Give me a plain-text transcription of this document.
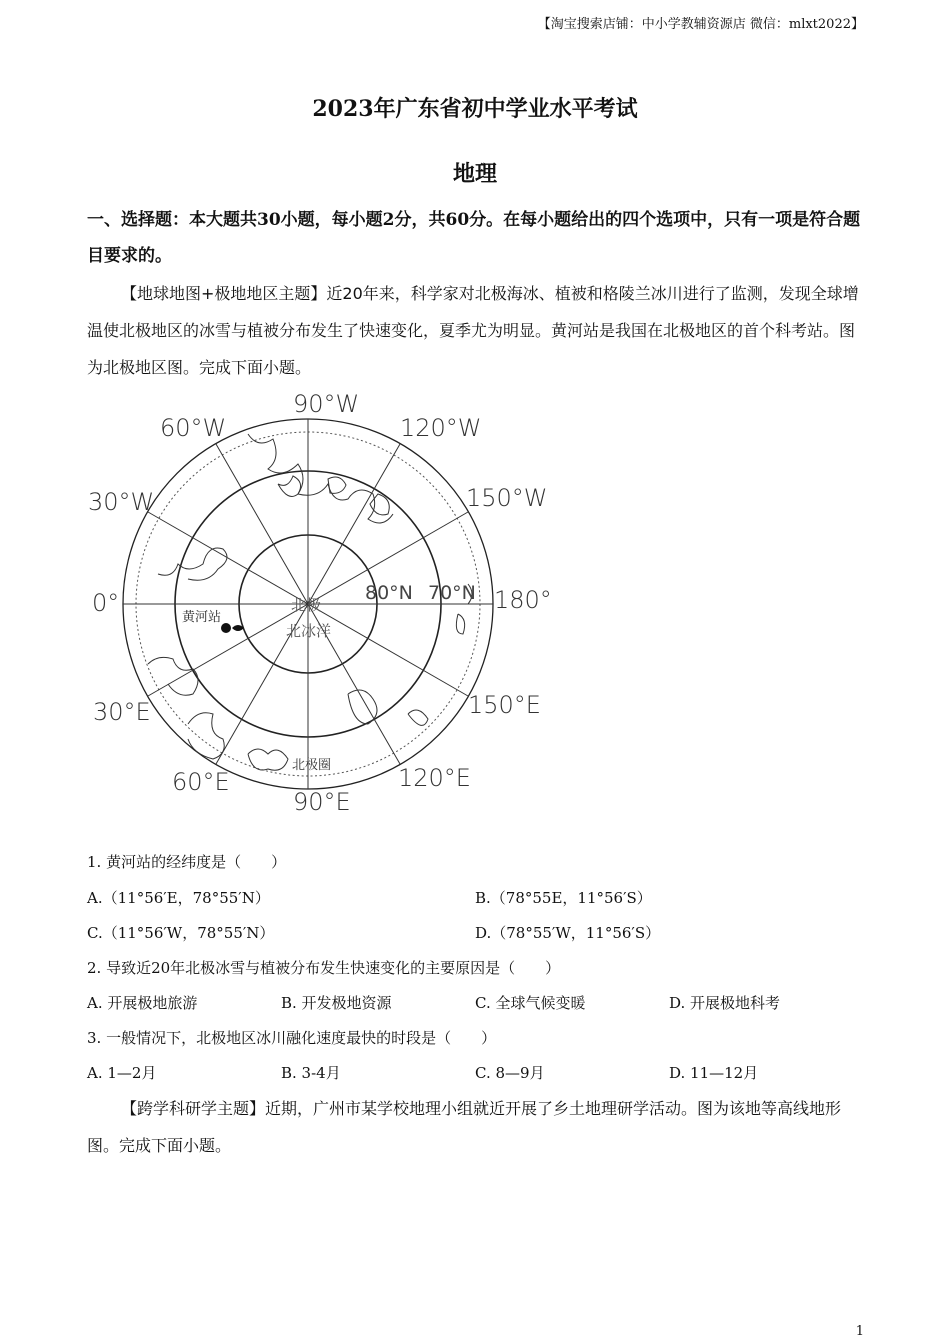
【淘宝搜索店铺：中小学教辅资源店 微信：mlxt2022】
2023年广东省初中学业水平考试
地理
一、选择题：本大题共30小题，每小题2分，共60分。在每小题给出的四个选项中，只有一项是符合题目要求的。
【地球地图+极地地区主题】近20年来，科学家对北极海冰、植被和格陵兰冰川进行了监测，发现全球增温使北极地区的冰雪与植被分布发生了快速变化，夏季尤为明显。黄河站是我国在北极地区的首个科考站。图为北极地区图。完成下面小题。
90°W
120°W
150°W
180°
150°E
120°E
90°E
60°E
30°E
0°
30°W
60°W
80°N 70°N
北极
北冰洋
黄河站
北极圈
1. 黄河站的经纬度是（　　）
A.（11°56′E，78°55′N）	B.（78°55E，11°56′S）
C.（11°56′W，78°55′N）	D.（78°55′W，11°56′S）
2. 导致近20年北极冰雪与植被分布发生快速变化的主要原因是（　　）
A. 开展极地旅游	B. 开发极地资源	C. 全球气候变暖	D. 开展极地科考
3. 一般情况下，北极地区冰川融化速度最快的时段是（　　）
A. 1—2月	B. 3-4月	C. 8—9月	D. 11—12月
【跨学科研学主题】近期，广州市某学校地理小组就近开展了乡土地理研学活动。图为该地等高线地形图。完成下面小题。
1
